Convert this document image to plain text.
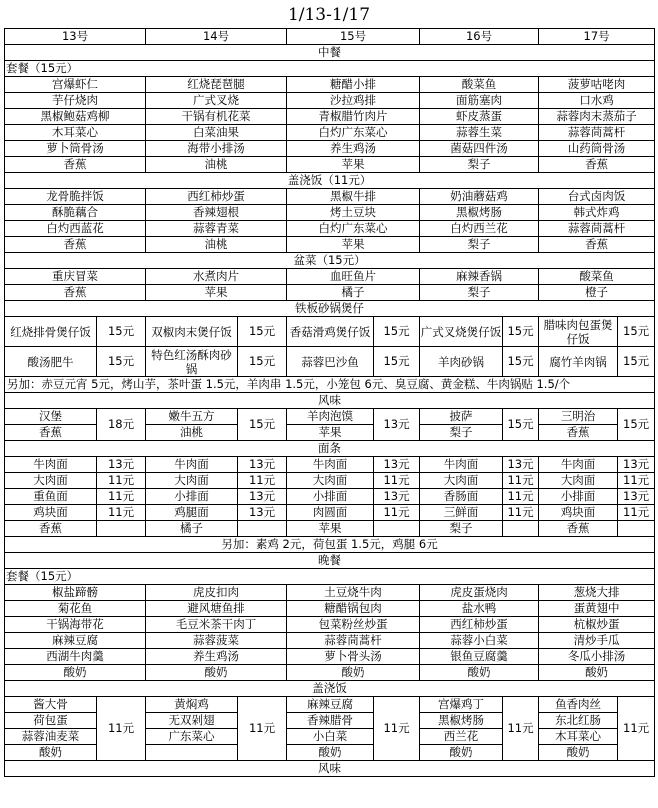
1/13-1/17
13号		14号		15号		16号		17号	
中餐									
套餐（15元）									
宫爆虾仁		红烧琵琶腿		糖醋小排		酸菜鱼		菠萝咕咾肉	
芋仔烧肉		广式叉烧		沙拉鸡排		面筋塞肉		口水鸡	
黑椒鲍菇鸡柳		干锅有机花菜		青椒腊竹肉片		虾皮蒸蛋		蒜蓉肉末蒸茄子	
木耳菜心		白菜油果		白灼广东菜心		蒜蓉生菜		蒜蓉茼蒿杆	
萝卜筒骨汤		海带小排汤		养生鸡汤		菌菇四件汤		山药筒骨汤	
香蕉		油桃		苹果		梨子		香蕉	
盖浇饭（11元）									
龙骨脆拌饭		西红柿炒蛋		黑椒牛排		奶油蘑菇鸡		台式卤肉饭	
酥脆藕合		香辣翅根		烤土豆块		黑椒烤肠		韩式炸鸡	
白灼西蓝花		蒜蓉青菜		白灼广东菜心		白灼西兰花		蒜蓉茼蒿杆	
香蕉		油桃		苹果		梨子		香蕉	
盆菜（15元）									
重庆冒菜		水煮肉片		血旺鱼片		麻辣香锅		酸菜鱼	
香蕉		苹果		橘子		梨子		橙子	
铁板砂锅煲仔									
红烧排骨煲仔饭	15元	双椒肉末煲仔饭	15元	香菇滑鸡煲仔饭	15元	广式叉烧煲仔饭	15元	腊味肉包蛋煲仔饭	15元
酸汤肥牛	15元	特色红汤酥肉砂锅	15元	蒜蓉巴沙鱼	15元	羊肉砂锅	15元	腐竹羊肉锅	15元
另加：赤豆元宵 5元，烤山芋，茶叶蛋 1.5元，羊肉串 1.5元，小笼包 6元、臭豆腐、黄金糕、牛肉锅贴 1.5/个									
风味									
汉堡	18元	嫩牛五方	15元	羊肉泡馍	13元	披萨	15元	三明治	15元
香蕉		油桃		苹果		梨子		香蕉	
面条									
牛肉面	13元	牛肉面	13元	牛肉面	13元	牛肉面	13元	牛肉面	13元
大肉面	11元	大肉面	11元	大肉面	11元	大肉面	11元	大肉面	11元
重鱼面	11元	小排面	13元	小排面	13元	香肠面	11元	小排面	13元
鸡块面	11元	鸡腿面	13元	肉圆面	11元	三鲜面	11元	鸡块面	11元
香蕉		橘子		苹果		梨子		香蕉	
另加：素鸡 2元，荷包蛋 1.5元，鸡腿 6元									
晚餐									
套餐（15元）									
椒盐蹄髈		虎皮扣肉		土豆烧牛肉		虎皮蛋烧肉		葱烧大排	
菊花鱼		避风塘鱼排		糖醋锅包肉		盐水鸭		蛋黄翅中	
干锅海带花		毛豆米茶干肉丁		包菜粉丝炒蛋		西红柿炒蛋		杭椒炒蛋	
麻辣豆腐		蒜蓉菠菜		蒜蓉茼蒿杆		蒜蓉小白菜		清炒手瓜	
西湖牛肉羹		养生鸡汤		萝卜骨头汤		银鱼豆腐羹		冬瓜小排汤	
酸奶		酸奶		酸奶		酸奶		酸奶	
盖浇饭									
酱大骨	11元	黄焖鸡	11元	麻辣豆腐	11元	宫爆鸡丁	11元	鱼香肉丝	11元
荷包蛋		无双剁翅		香辣腊骨		黑椒烤肠		东北红肠	
蒜蓉油麦菜		广东菜心		小白菜		西兰花		木耳菜心	
酸奶				酸奶		酸奶		酸奶	
风味									
